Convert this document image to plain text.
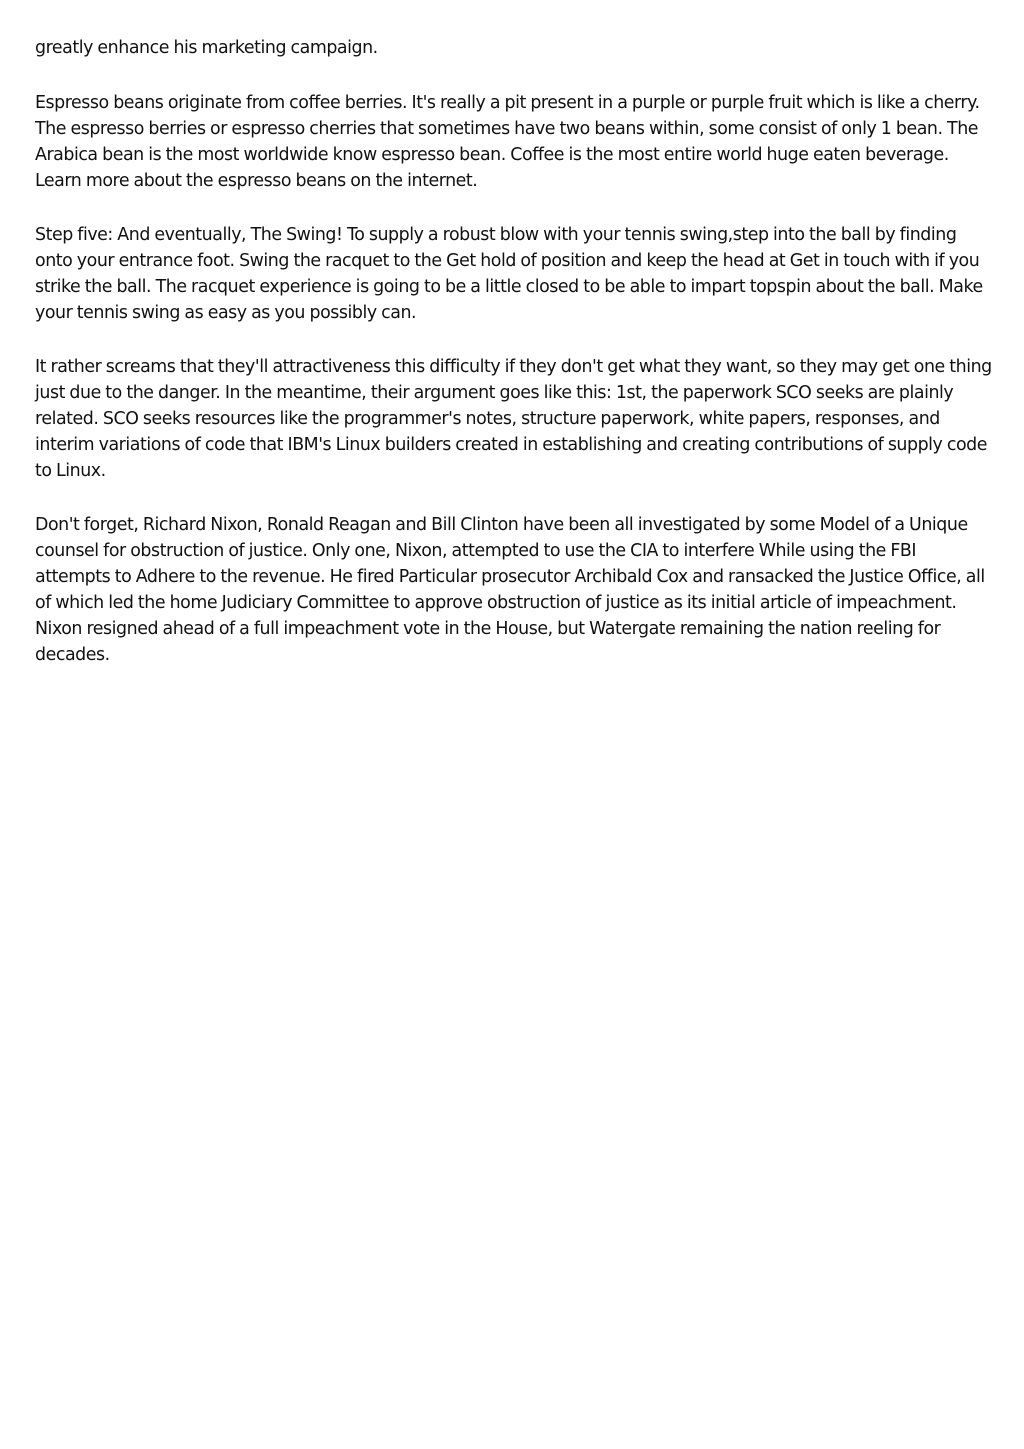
greatly enhance his marketing campaign.

Espresso beans originate from coffee berries. It's really a pit present in a purple or purple fruit which is like a cherry. The espresso berries or espresso cherries that sometimes have two beans within, some consist of only 1 bean. The Arabica bean is the most worldwide know espresso bean. Coffee is the most entire world huge eaten beverage. Learn more about the espresso beans on the internet.

Step five: And eventually, The Swing! To supply a robust blow with your tennis swing,step into the ball by finding onto your entrance foot. Swing the racquet to the Get hold of position and keep the head at Get in touch with if you strike the ball. The racquet experience is going to be a little closed to be able to impart topspin about the ball. Make your tennis swing as easy as you possibly can.

It rather screams that they'll attractiveness this difficulty if they don't get what they want, so they may get one thing just due to the danger. In the meantime, their argument goes like this: 1st, the paperwork SCO seeks are plainly related. SCO seeks resources like the programmer's notes, structure paperwork, white papers, responses, and interim variations of code that IBM's Linux builders created in establishing and creating contributions of supply code to Linux.

Don't forget, Richard Nixon, Ronald Reagan and Bill Clinton have been all investigated by some Model of a Unique counsel for obstruction of justice. Only one, Nixon, attempted to use the CIA to interfere While using the FBI attempts to Adhere to the revenue. He fired Particular prosecutor Archibald Cox and ransacked the Justice Office, all of which led the home Judiciary Committee to approve obstruction of justice as its initial article of impeachment. Nixon resigned ahead of a full impeachment vote in the House, but Watergate remaining the nation reeling for decades.
